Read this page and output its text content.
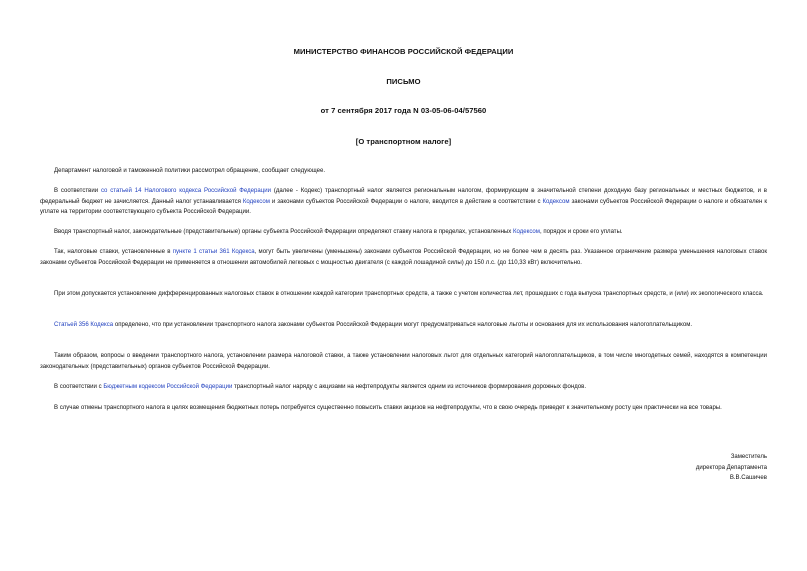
МИНИСТЕРСТВО ФИНАНСОВ РОССИЙСКОЙ ФЕДЕРАЦИИ
ПИСЬМО
от 7 сентября 2017 года N 03-05-06-04/57560
[О транспортном налоге]

Департамент налоговой и таможенной политики рассмотрел обращение, сообщает следующее.

В соответствии со статьей 14 Налогового кодекса Российской Федерации (далее - Кодекс) транспортный налог является региональным налогом, формирующим в значительной степени доходную базу региональных и местных бюджетов, и в федеральный бюджет не зачисляется. Данный налог устанавливается Кодексом и законами субъектов Российской Федерации о налоге, вводится в действие в соответствии с Кодексом законами субъектов Российской Федерации о налоге и обязателен к уплате на территории соответствующего субъекта Российской Федерации.

Вводя транспортный налог, законодательные (представительные) органы субъекта Российской Федерации определяют ставку налога в пределах, установленных Кодексом, порядок и сроки его уплаты.

Так, налоговые ставки, установленные в пункте 1 статьи 361 Кодекса, могут быть увеличены (уменьшены) законами субъектов Российской Федерации, но не более чем в десять раз. Указанное ограничение размера уменьшения налоговых ставок законами субъектов Российской Федерации не применяется в отношении автомобилей легковых с мощностью двигателя (с каждой лошадиной силы) до 150 л.с. (до 110,33 кВт) включительно.

При этом допускается установление дифференцированных налоговых ставок в отношении каждой категории транспортных средств, а также с учетом количества лет, прошедших с года выпуска транспортных средств, и (или) их экологического класса.

Статьей 356 Кодекса определено, что при установлении транспортного налога законами субъектов Российской Федерации могут предусматриваться налоговые льготы и основания для их использования налогоплательщиком.

Таким образом, вопросы о введении транспортного налога, установлении размера налоговой ставки, а также установлении налоговых льгот для отдельных категорий налогоплательщиков, в том числе многодетных семей, находятся в компетенции законодательных (представительных) органов субъектов Российской Федерации.

В соответствии с Бюджетным кодексом Российской Федерации транспортный налог наряду с акцизами на нефтепродукты является одним из источников формирования дорожных фондов.

В случае отмены транспортного налога в целях возмещения бюджетных потерь потребуется существенно повысить ставки акцизов на нефтепродукты, что в свою очередь приведет к значительному росту цен практически на все товары.

Заместитель
директора Департамента
В.В.Сашичев
